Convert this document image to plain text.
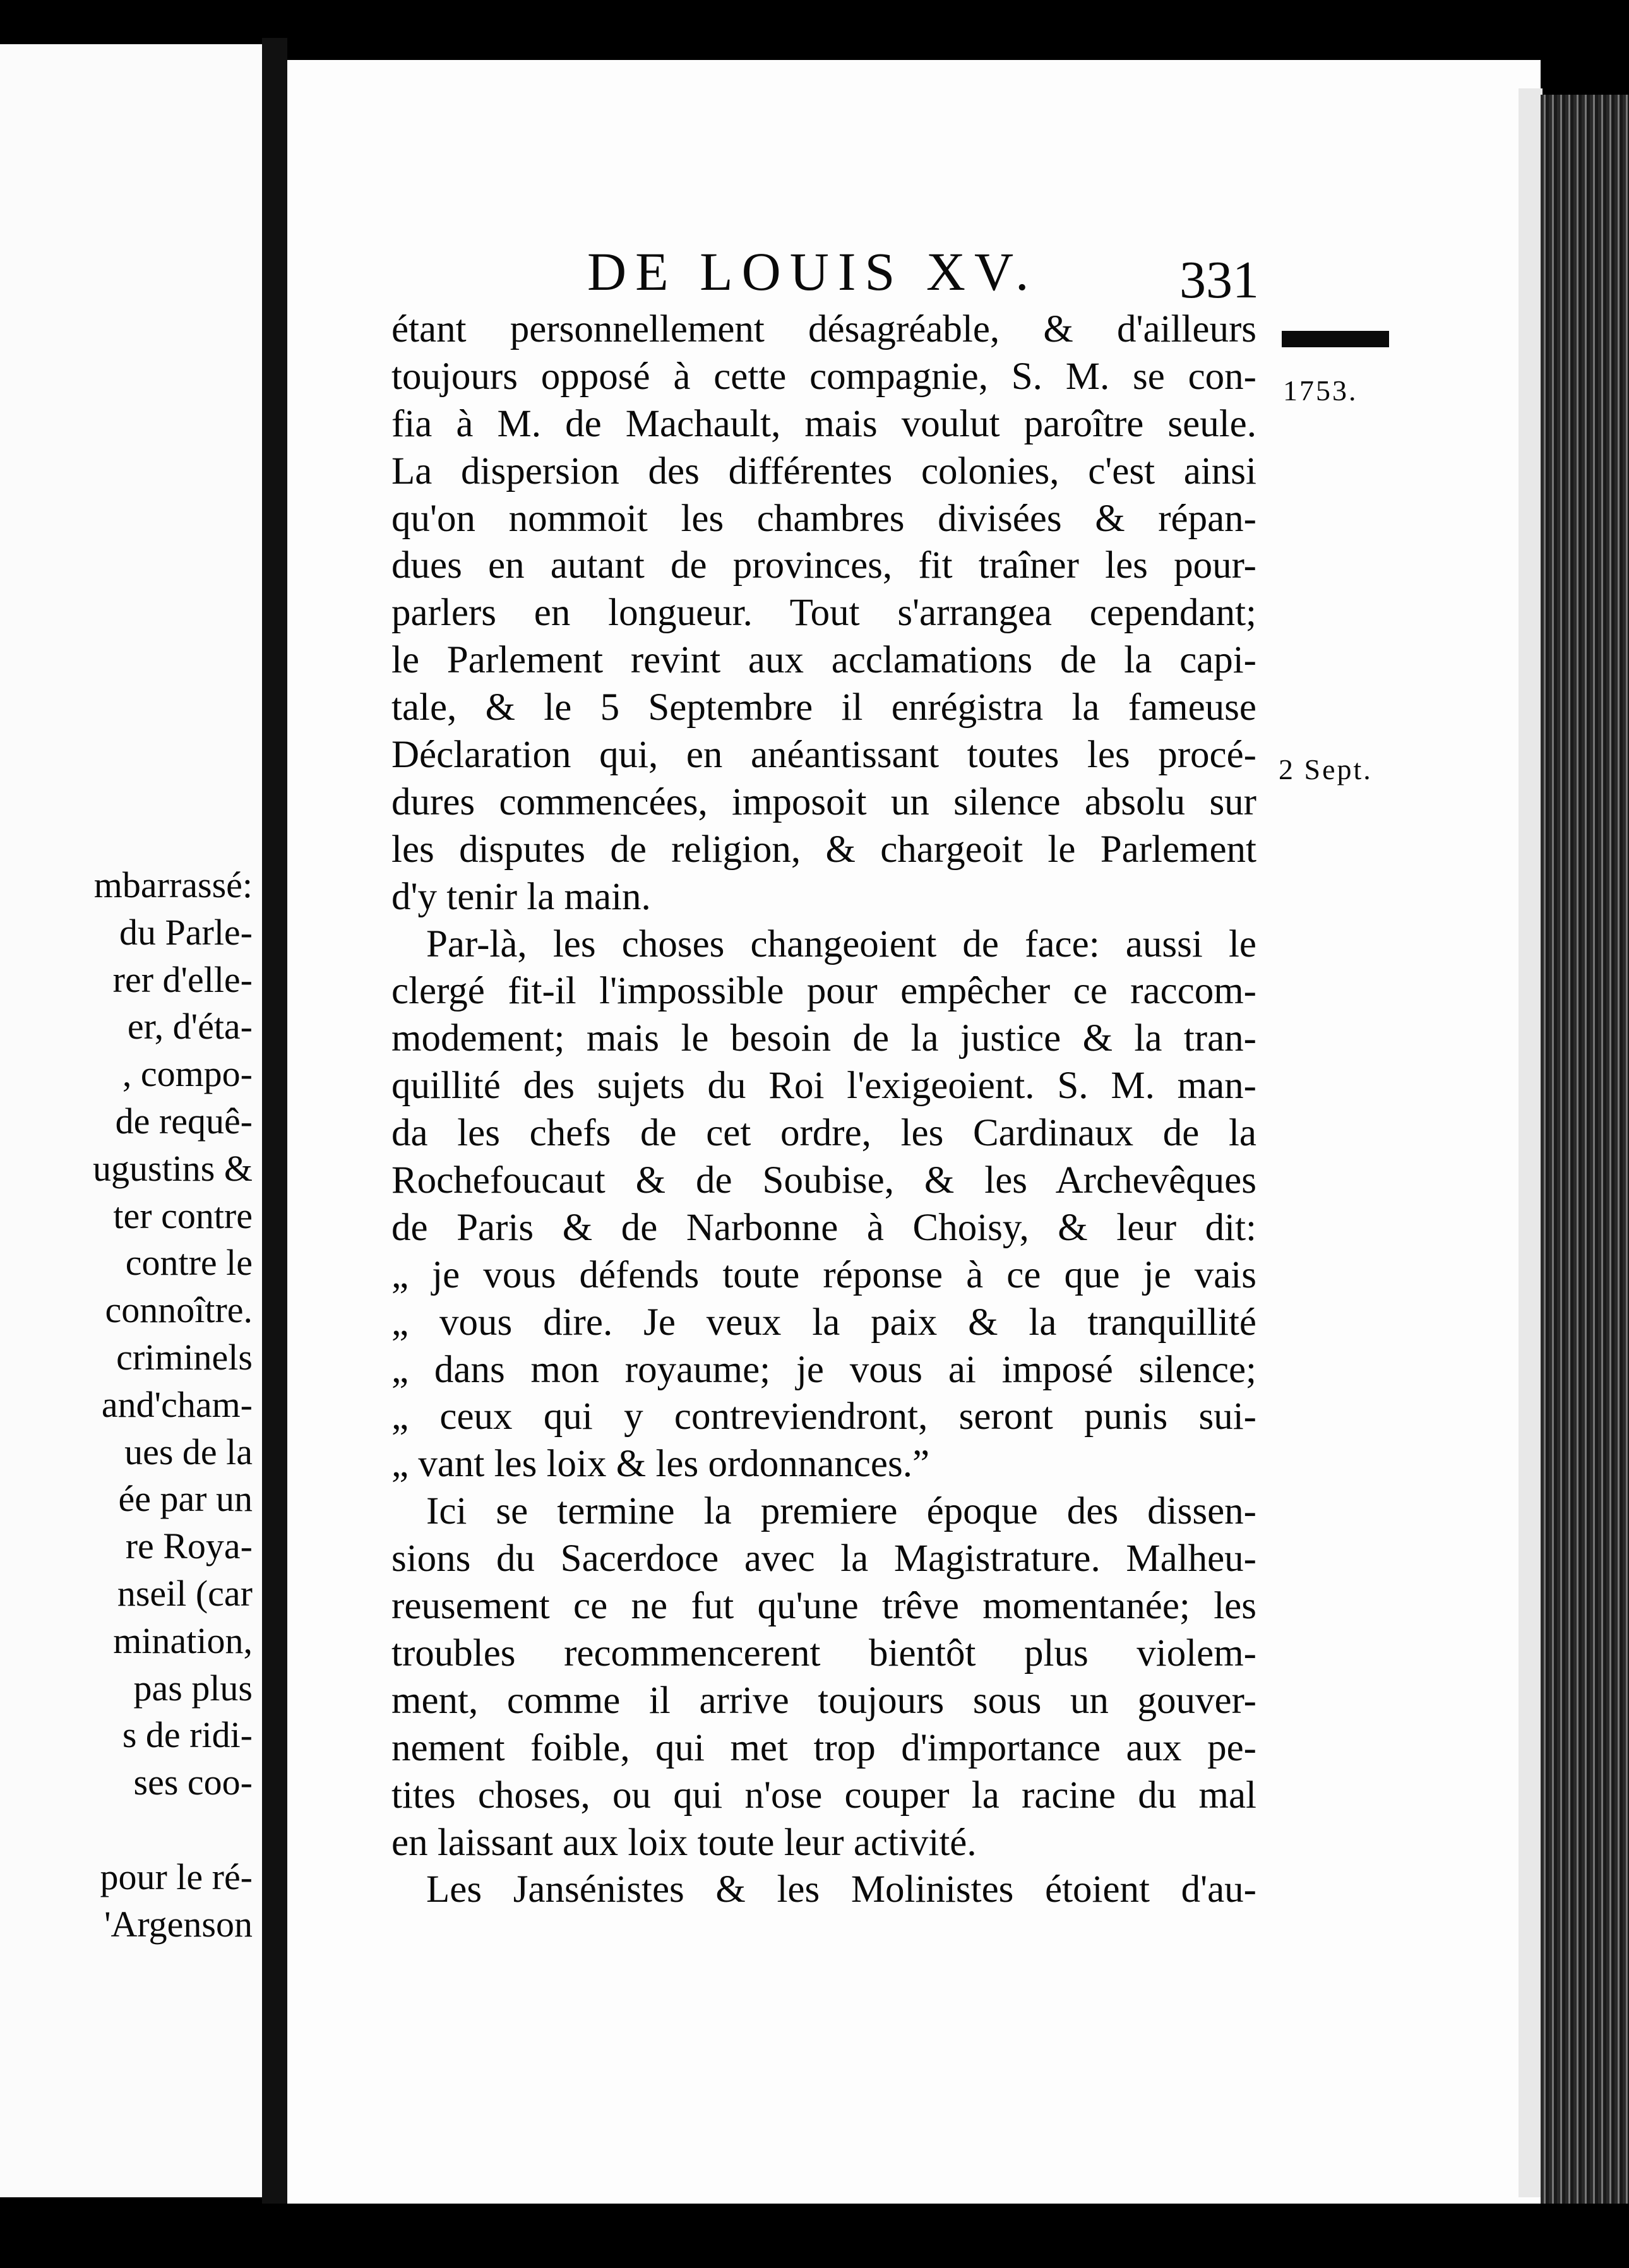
mbarrassé:
du Parle-
rer d'elle-
er, d'éta-
, compo-
de requê-
ugustins &
ter contre
contre le
connoître.
criminels
and'cham-
ues de la
ée par un
re Roya-
nseil (car
mination,
pas plus
s de ridi-
ses coo-

pour le ré-
'Argenson
DE LOUIS XV.	331
1753.
2 Sept.
étant personnellement désagréable, & d'ailleurs
toujours opposé à cette compagnie, S. M. se con-
fia à M. de Machault, mais voulut paroître seule.
La dispersion des différentes colonies, c'est ainsi
qu'on nommoit les chambres divisées & répan-
dues en autant de provinces, fit traîner les pour-
parlers en longueur. Tout s'arrangea cependant;
le Parlement revint aux acclamations de la capi-
tale, & le 5 Septembre il enrégistra la fameuse
Déclaration qui, en anéantissant toutes les procé-
dures commencées, imposoit un silence absolu sur
les disputes de religion, & chargeoit le Parlement
d'y tenir la main.
Par-là, les choses changeoient de face: aussi le
clergé fit-il l'impossible pour empêcher ce raccom-
modement; mais le besoin de la justice & la tran-
quillité des sujets du Roi l'exigeoient. S. M. man-
da les chefs de cet ordre, les Cardinaux de la
Rochefoucaut & de Soubise, & les Archevêques
de Paris & de Narbonne à Choisy, & leur dit:
„ je vous défends toute réponse à ce que je vais
„ vous dire. Je veux la paix & la tranquillité
„ dans mon royaume; je vous ai imposé silence;
„ ceux qui y contreviendront, seront punis sui-
„ vant les loix & les ordonnances.”
Ici se termine la premiere époque des dissen-
sions du Sacerdoce avec la Magistrature. Malheu-
reusement ce ne fut qu'une trêve momentanée; les
troubles recommencerent bientôt plus violem-
ment, comme il arrive toujours sous un gouver-
nement foible, qui met trop d'importance aux pe-
tites choses, ou qui n'ose couper la racine du mal
en laissant aux loix toute leur activité.
Les Jansénistes & les Molinistes étoient d'au-
